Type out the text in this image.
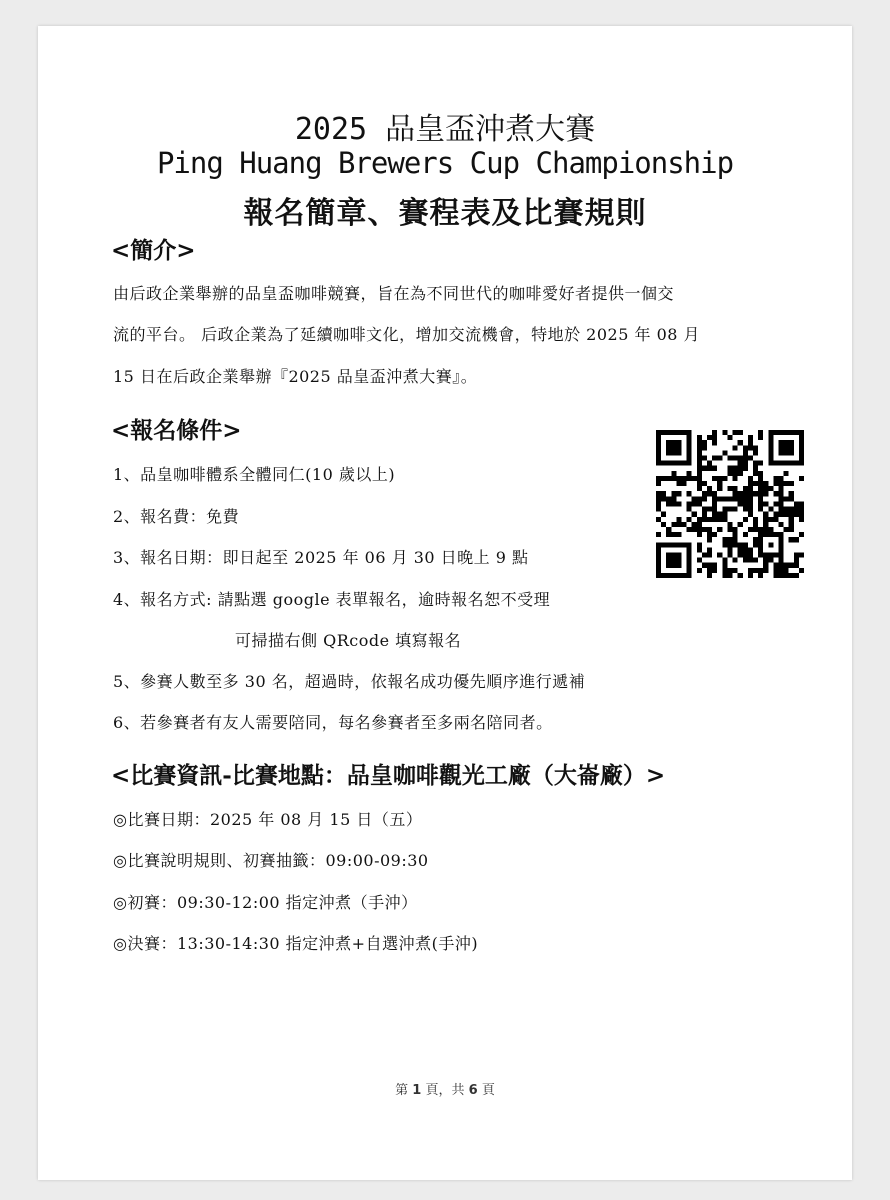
2025 品皇盃沖煮大賽
Ping Huang Brewers Cup Championship
報名簡章、賽程表及比賽規則
<簡介>

由后政企業舉辦的品皇盃咖啡競賽，旨在為不同世代的咖啡愛好者提供一個交

流的平台。 后政企業為了延續咖啡文化，增加交流機會，特地於 2025 年 08 月

15 日在后政企業舉辦『2025 品皇盃沖煮大賽』。

<報名條件>

1、品皇咖啡體系全體同仁(10 歲以上)

2、報名費：免費

3、報名日期：即日起至 2025 年 06 月 30 日晚上 9 點

4、報名方式: 請點選 google 表單報名，逾時報名恕不受理

可掃描右側 QRcode 填寫報名

5、參賽人數至多 30 名，超過時，依報名成功優先順序進行遞補

6、若參賽者有友人需要陪同，每名參賽者至多兩名陪同者。

<比賽資訊-比賽地點：品皇咖啡觀光工廠（大崙廠）>

◎比賽日期：2025 年 08 月 15 日（五）

◎比賽說明規則、初賽抽籤：09:00-09:30

◎初賽：09:30-12:00 指定沖煮（手沖）

◎決賽：13:30-14:30 指定沖煮+自選沖煮(手沖)

第 1 頁，共 6 頁
